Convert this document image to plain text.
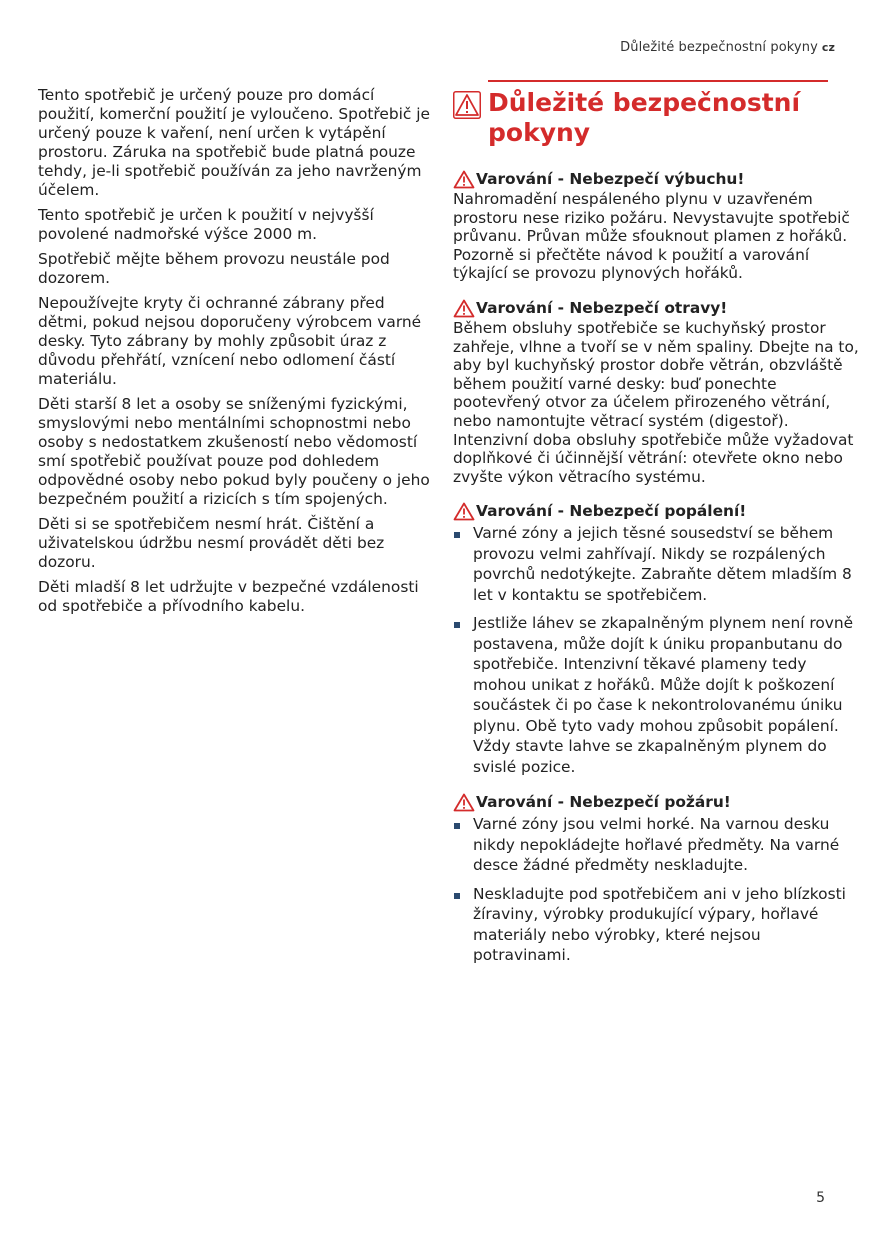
Důležité bezpečnostní pokyny cz

Tento spotřebič je určený pouze pro domácí použití, komerční použití je vyloučeno. Spotřebič je určený pouze k vaření, není určen k vytápění prostoru. Záruka na spotřebič bude platná pouze tehdy, je-li spotřebič používán za jeho navrženým účelem.

Tento spotřebič je určen k použití v nejvyšší povolené nadmořské výšce 2000 m.

Spotřebič mějte během provozu neustále pod dozorem.

Nepoužívejte kryty či ochranné zábrany před dětmi, pokud nejsou doporučeny výrobcem varné desky. Tyto zábrany by mohly způsobit úraz z důvodu přehřátí, vznícení nebo odlomení částí materiálu.

Děti starší 8 let a osoby se sníženými fyzickými, smyslovými nebo mentálními schopnostmi nebo osoby s nedostatkem zkušeností nebo vědomostí smí spotřebič používat pouze pod dohledem odpovědné osoby nebo pokud byly poučeny o jeho bezpečném použití a rizicích s tím spojených.

Děti si se spotřebičem nesmí hrát. Čištění a uživatelskou údržbu nesmí provádět děti bez dozoru.

Děti mladší 8 let udržujte v bezpečné vzdálenosti od spotřebiče a přívodního kabelu.

Důležité bezpečnostní pokyny
Varování - Nebezpečí výbuchu!
Nahromadění nespáleného plynu v uzavřeném prostoru nese riziko požáru. Nevystavujte spotřebič průvanu. Průvan může sfouknout plamen z hořáků. Pozorně si přečtěte návod k použití a varování týkající se provozu plynových hořáků.
Varování - Nebezpečí otravy!
Během obsluhy spotřebiče se kuchyňský prostor zahřeje, vlhne a tvoří se v něm spaliny. Dbejte na to, aby byl kuchyňský prostor dobře větrán, obzvláště během použití varné desky: buď ponechte pootevřený otvor za účelem přirozeného větrání, nebo namontujte větrací systém (digestoř). Intenzivní doba obsluhy spotřebiče může vyžadovat doplňkové či účinnější větrání: otevřete okno nebo zvyšte výkon větracího systému.
Varování - Nebezpečí popálení!
Varné zóny a jejich těsné sousedství se během provozu velmi zahřívají. Nikdy se rozpálených povrchů nedotýkejte. Zabraňte dětem mladším 8 let v kontaktu se spotřebičem.
Jestliže láhev se zkapalněným plynem není rovně postavena, může dojít k úniku propanbutanu do spotřebiče. Intenzivní těkavé plameny tedy mohou unikat z hořáků. Může dojít k poškození součástek či po čase k nekontrolovanému úniku plynu. Obě tyto vady mohou způsobit popálení. Vždy stavte lahve se zkapalněným plynem do svislé pozice.
Varování - Nebezpečí požáru!
Varné zóny jsou velmi horké. Na varnou desku nikdy nepokládejte hořlavé předměty. Na varné desce žádné předměty neskladujte.
Neskladujte pod spotřebičem ani v jeho blízkosti žíraviny, výrobky produkující výpary, hořlavé materiály nebo výrobky, které nejsou potravinami.
5
